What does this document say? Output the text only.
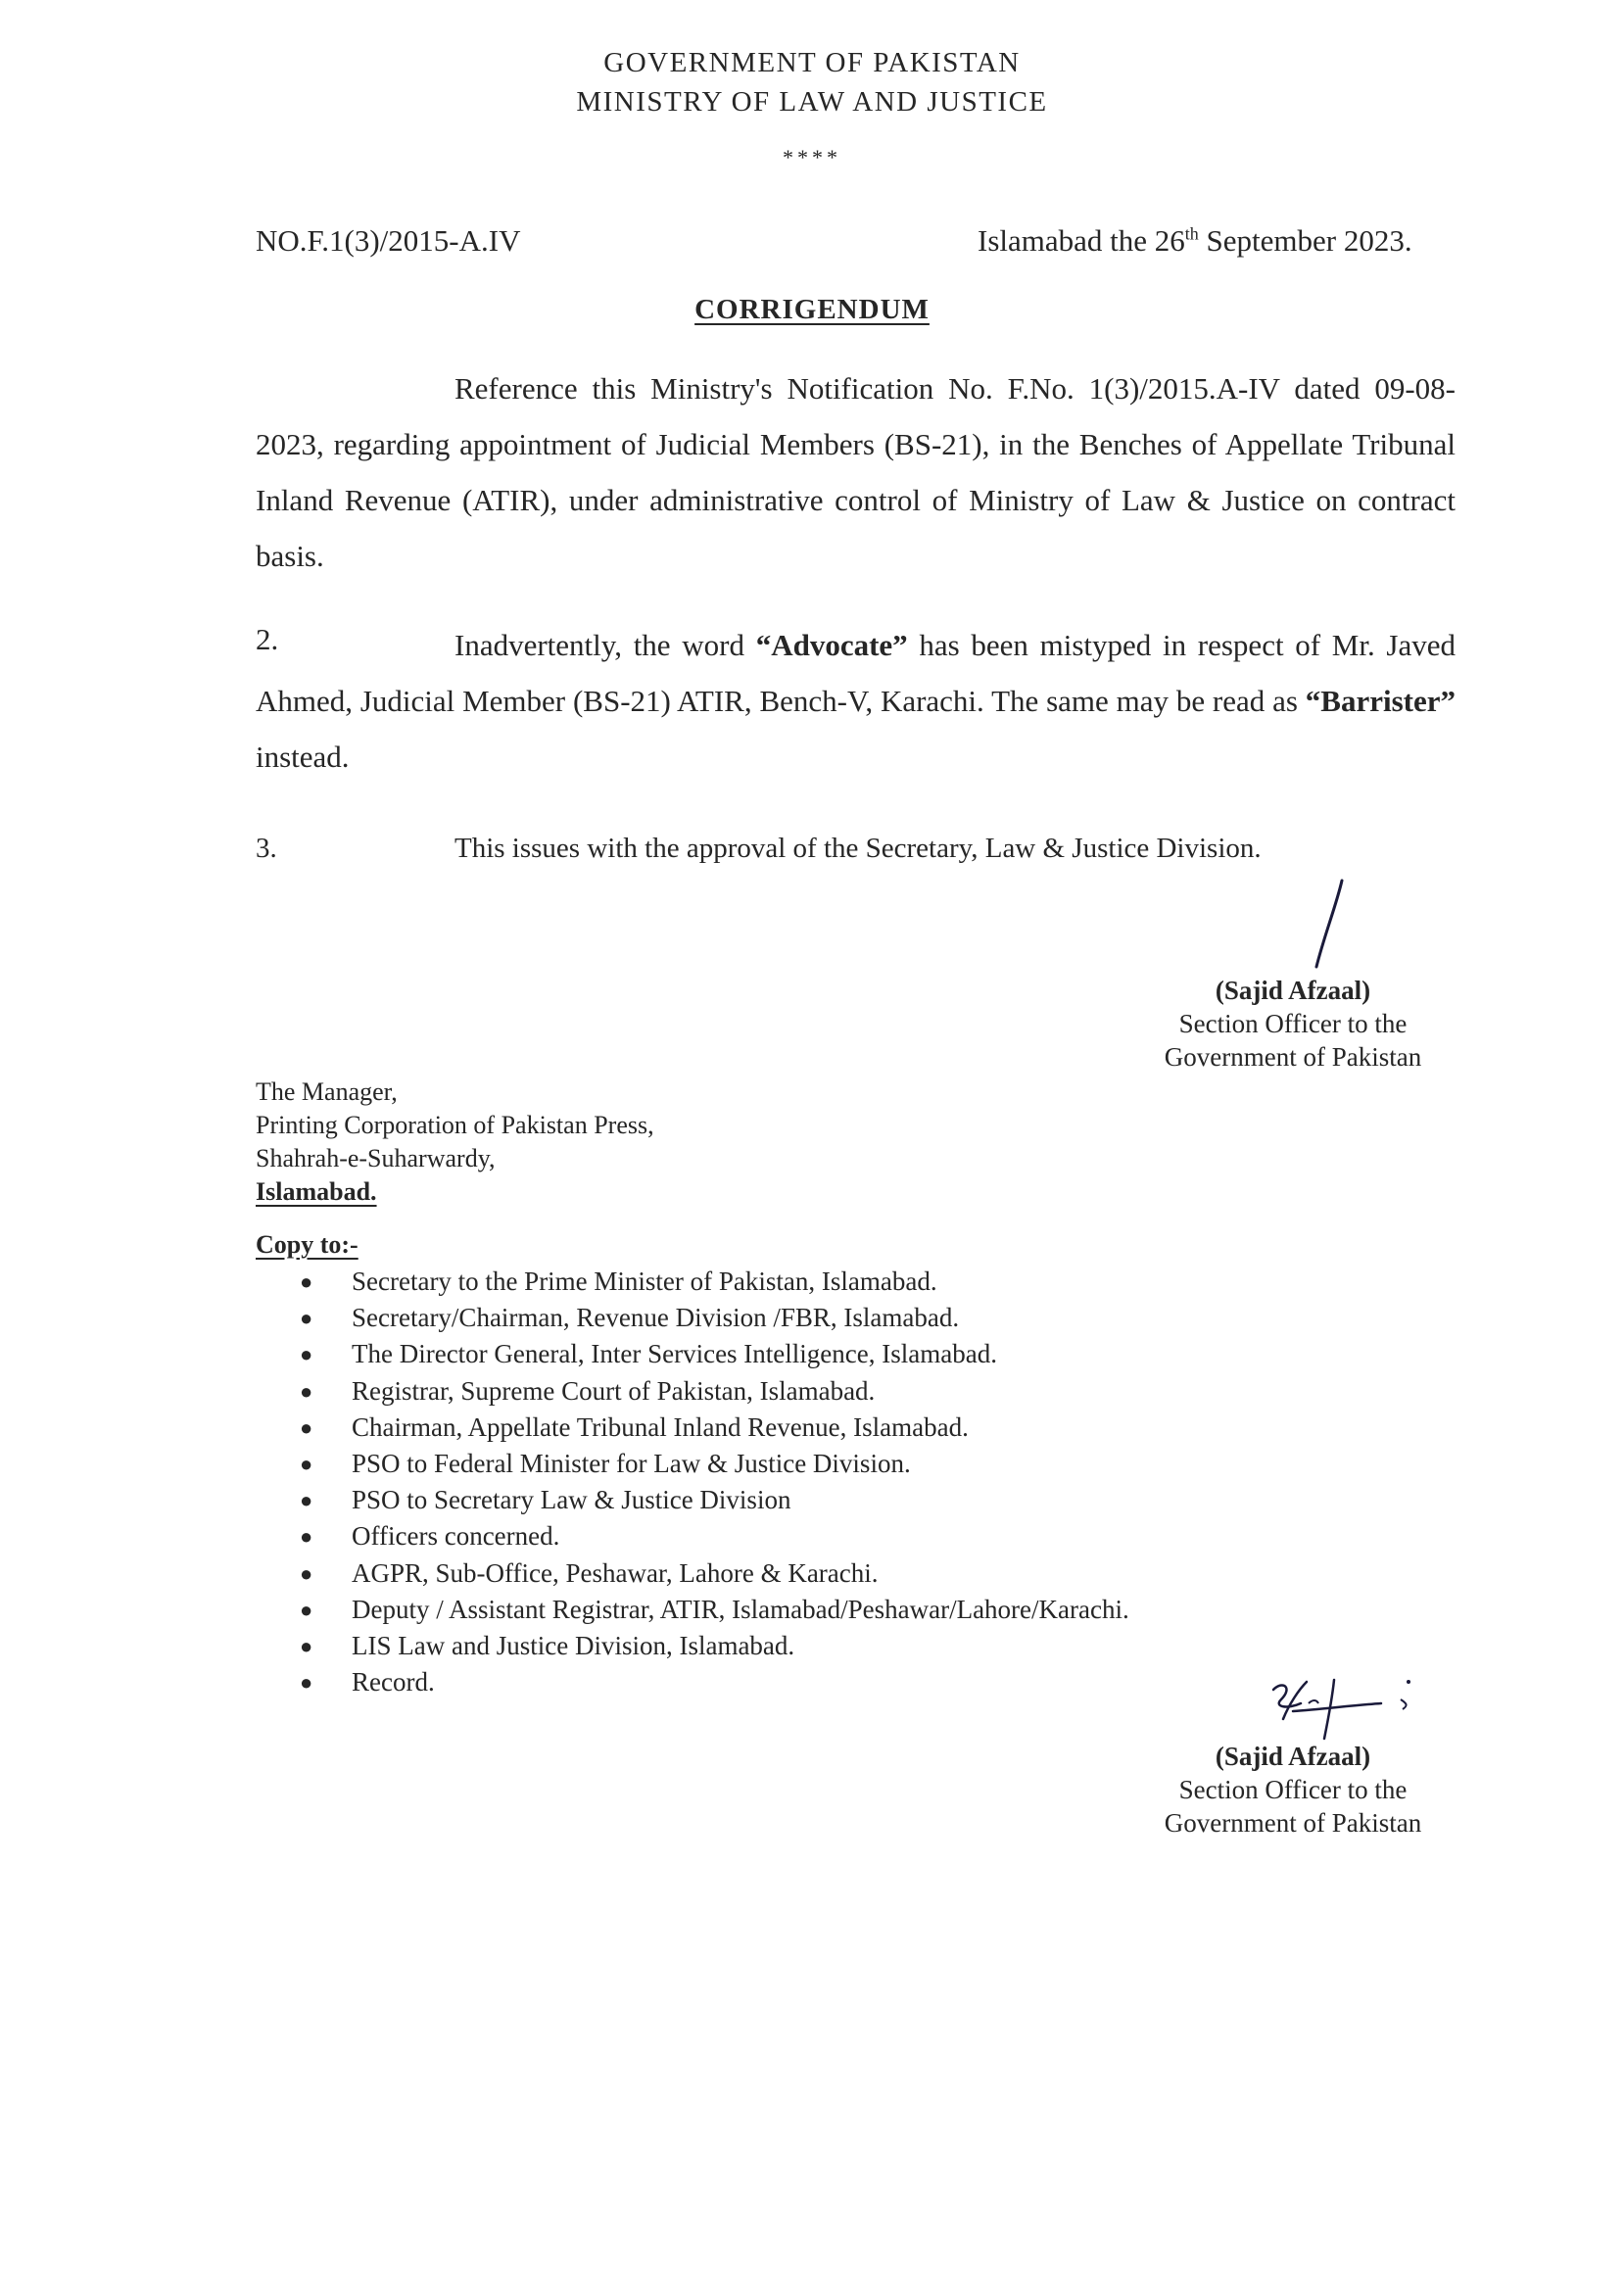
GOVERNMENT OF PAKISTAN
MINISTRY OF LAW AND JUSTICE
****
NO.F.1(3)/2015-A.IV	Islamabad the 26th September 2023.
CORRIGENDUM

Reference this Ministry's Notification No. F.No. 1(3)/2015.A-IV dated 09-08-2023, regarding appointment of Judicial Members (BS-21), in the Benches of Appellate Tribunal Inland Revenue (ATIR), under administrative control of Ministry of Law & Justice on contract basis.

2.	Inadvertently, the word “Advocate” has been mistyped in respect of Mr. Javed Ahmed, Judicial Member (BS-21) ATIR, Bench-V, Karachi. The same may be read as “Barrister” instead.

3.	This issues with the approval of the Secretary, Law & Justice Division.
(Sajid Afzaal)
Section Officer to the
Government of Pakistan
The Manager,
Printing Corporation of Pakistan Press,
Shahrah-e-Suharwardy,
Islamabad.
Copy to:-
● Secretary to the Prime Minister of Pakistan, Islamabad.
● Secretary/Chairman, Revenue Division /FBR, Islamabad.
● The Director General, Inter Services Intelligence, Islamabad.
● Registrar, Supreme Court of Pakistan, Islamabad.
● Chairman, Appellate Tribunal Inland Revenue, Islamabad.
● PSO to Federal Minister for Law & Justice Division.
● PSO to Secretary Law & Justice Division
● Officers concerned.
● AGPR, Sub-Office, Peshawar, Lahore & Karachi.
● Deputy / Assistant Registrar, ATIR, Islamabad/Peshawar/Lahore/Karachi.
● LIS Law and Justice Division, Islamabad.
● Record.
(Sajid Afzaal)
Section Officer to the
Government of Pakistan
